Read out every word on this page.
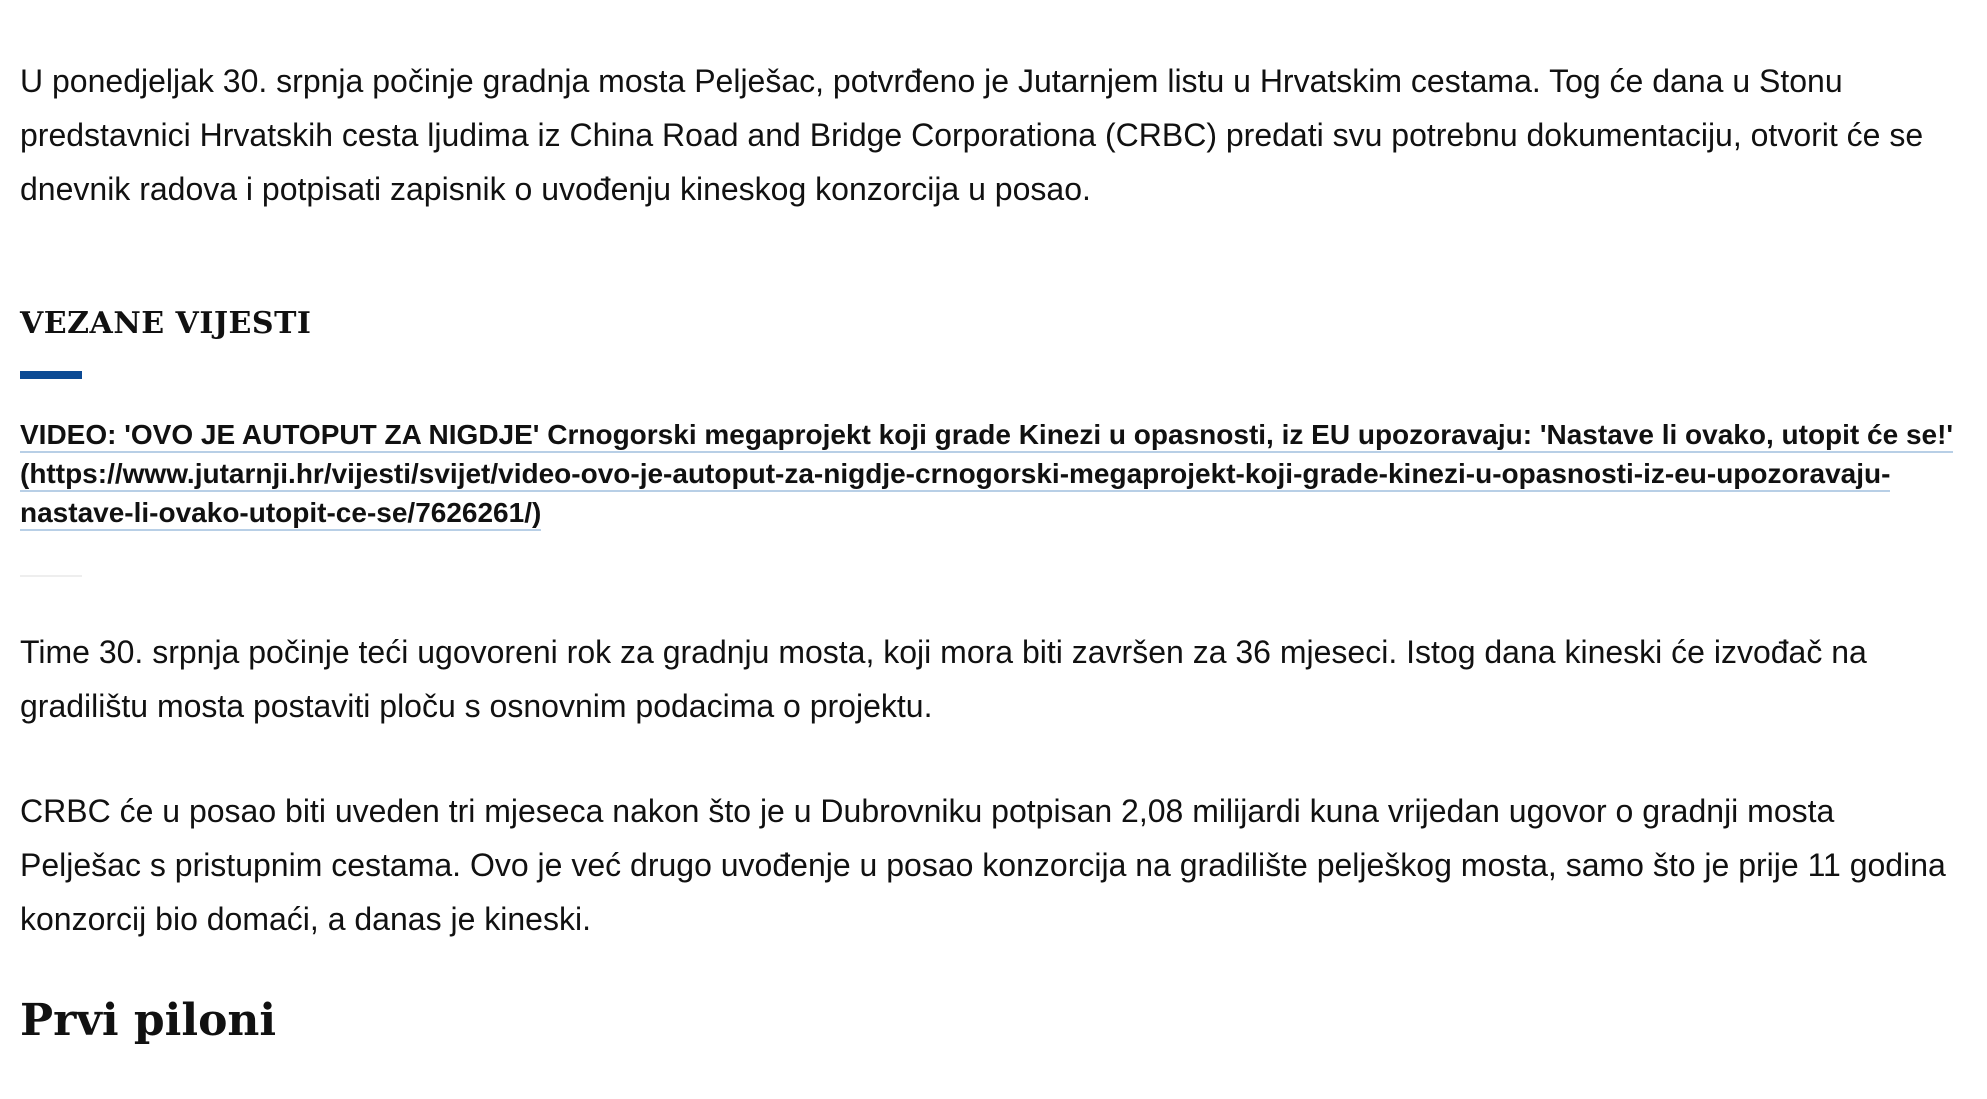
U ponedjeljak 30. srpnja počinje gradnja mosta Pelješac, potvrđeno je Jutarnjem listu u Hrvatskim cestama. Tog će dana u Stonu predstavnici Hrvatskih cesta ljudima iz China Road and Bridge Corporationa (CRBC) predati svu potrebnu dokumentaciju, otvorit će se dnevnik radova i potpisati zapisnik o uvođenju kineskog konzorcija u posao.

VEZANE VIJESTI
VIDEO: 'OVO JE AUTOPUT ZA NIGDJE' Crnogorski megaprojekt koji grade Kinezi u opasnosti, iz EU upozoravaju: 'Nastave li ovako, utopit će se!' (https://www.jutarnji.hr/vijesti/svijet/video-ovo-je-autoput-za-nigdje-crnogorski-megaprojekt-koji-grade-kinezi-u-opasnosti-iz-eu-upozoravaju-nastave-li-ovako-utopit-ce-se/7626261/)

Time 30. srpnja počinje teći ugovoreni rok za gradnju mosta, koji mora biti završen za 36 mjeseci. Istog dana kineski će izvođač na gradilištu mosta postaviti ploču s osnovnim podacima o projektu.

CRBC će u posao biti uveden tri mjeseca nakon što je u Dubrovniku potpisan 2,08 milijardi kuna vrijedan ugovor o gradnji mosta Pelješac s pristupnim cestama. Ovo je već drugo uvođenje u posao konzorcija na gradilište pelješkog mosta, samo što je prije 11 godina konzorcij bio domaći, a danas je kineski.

Prvi piloni
